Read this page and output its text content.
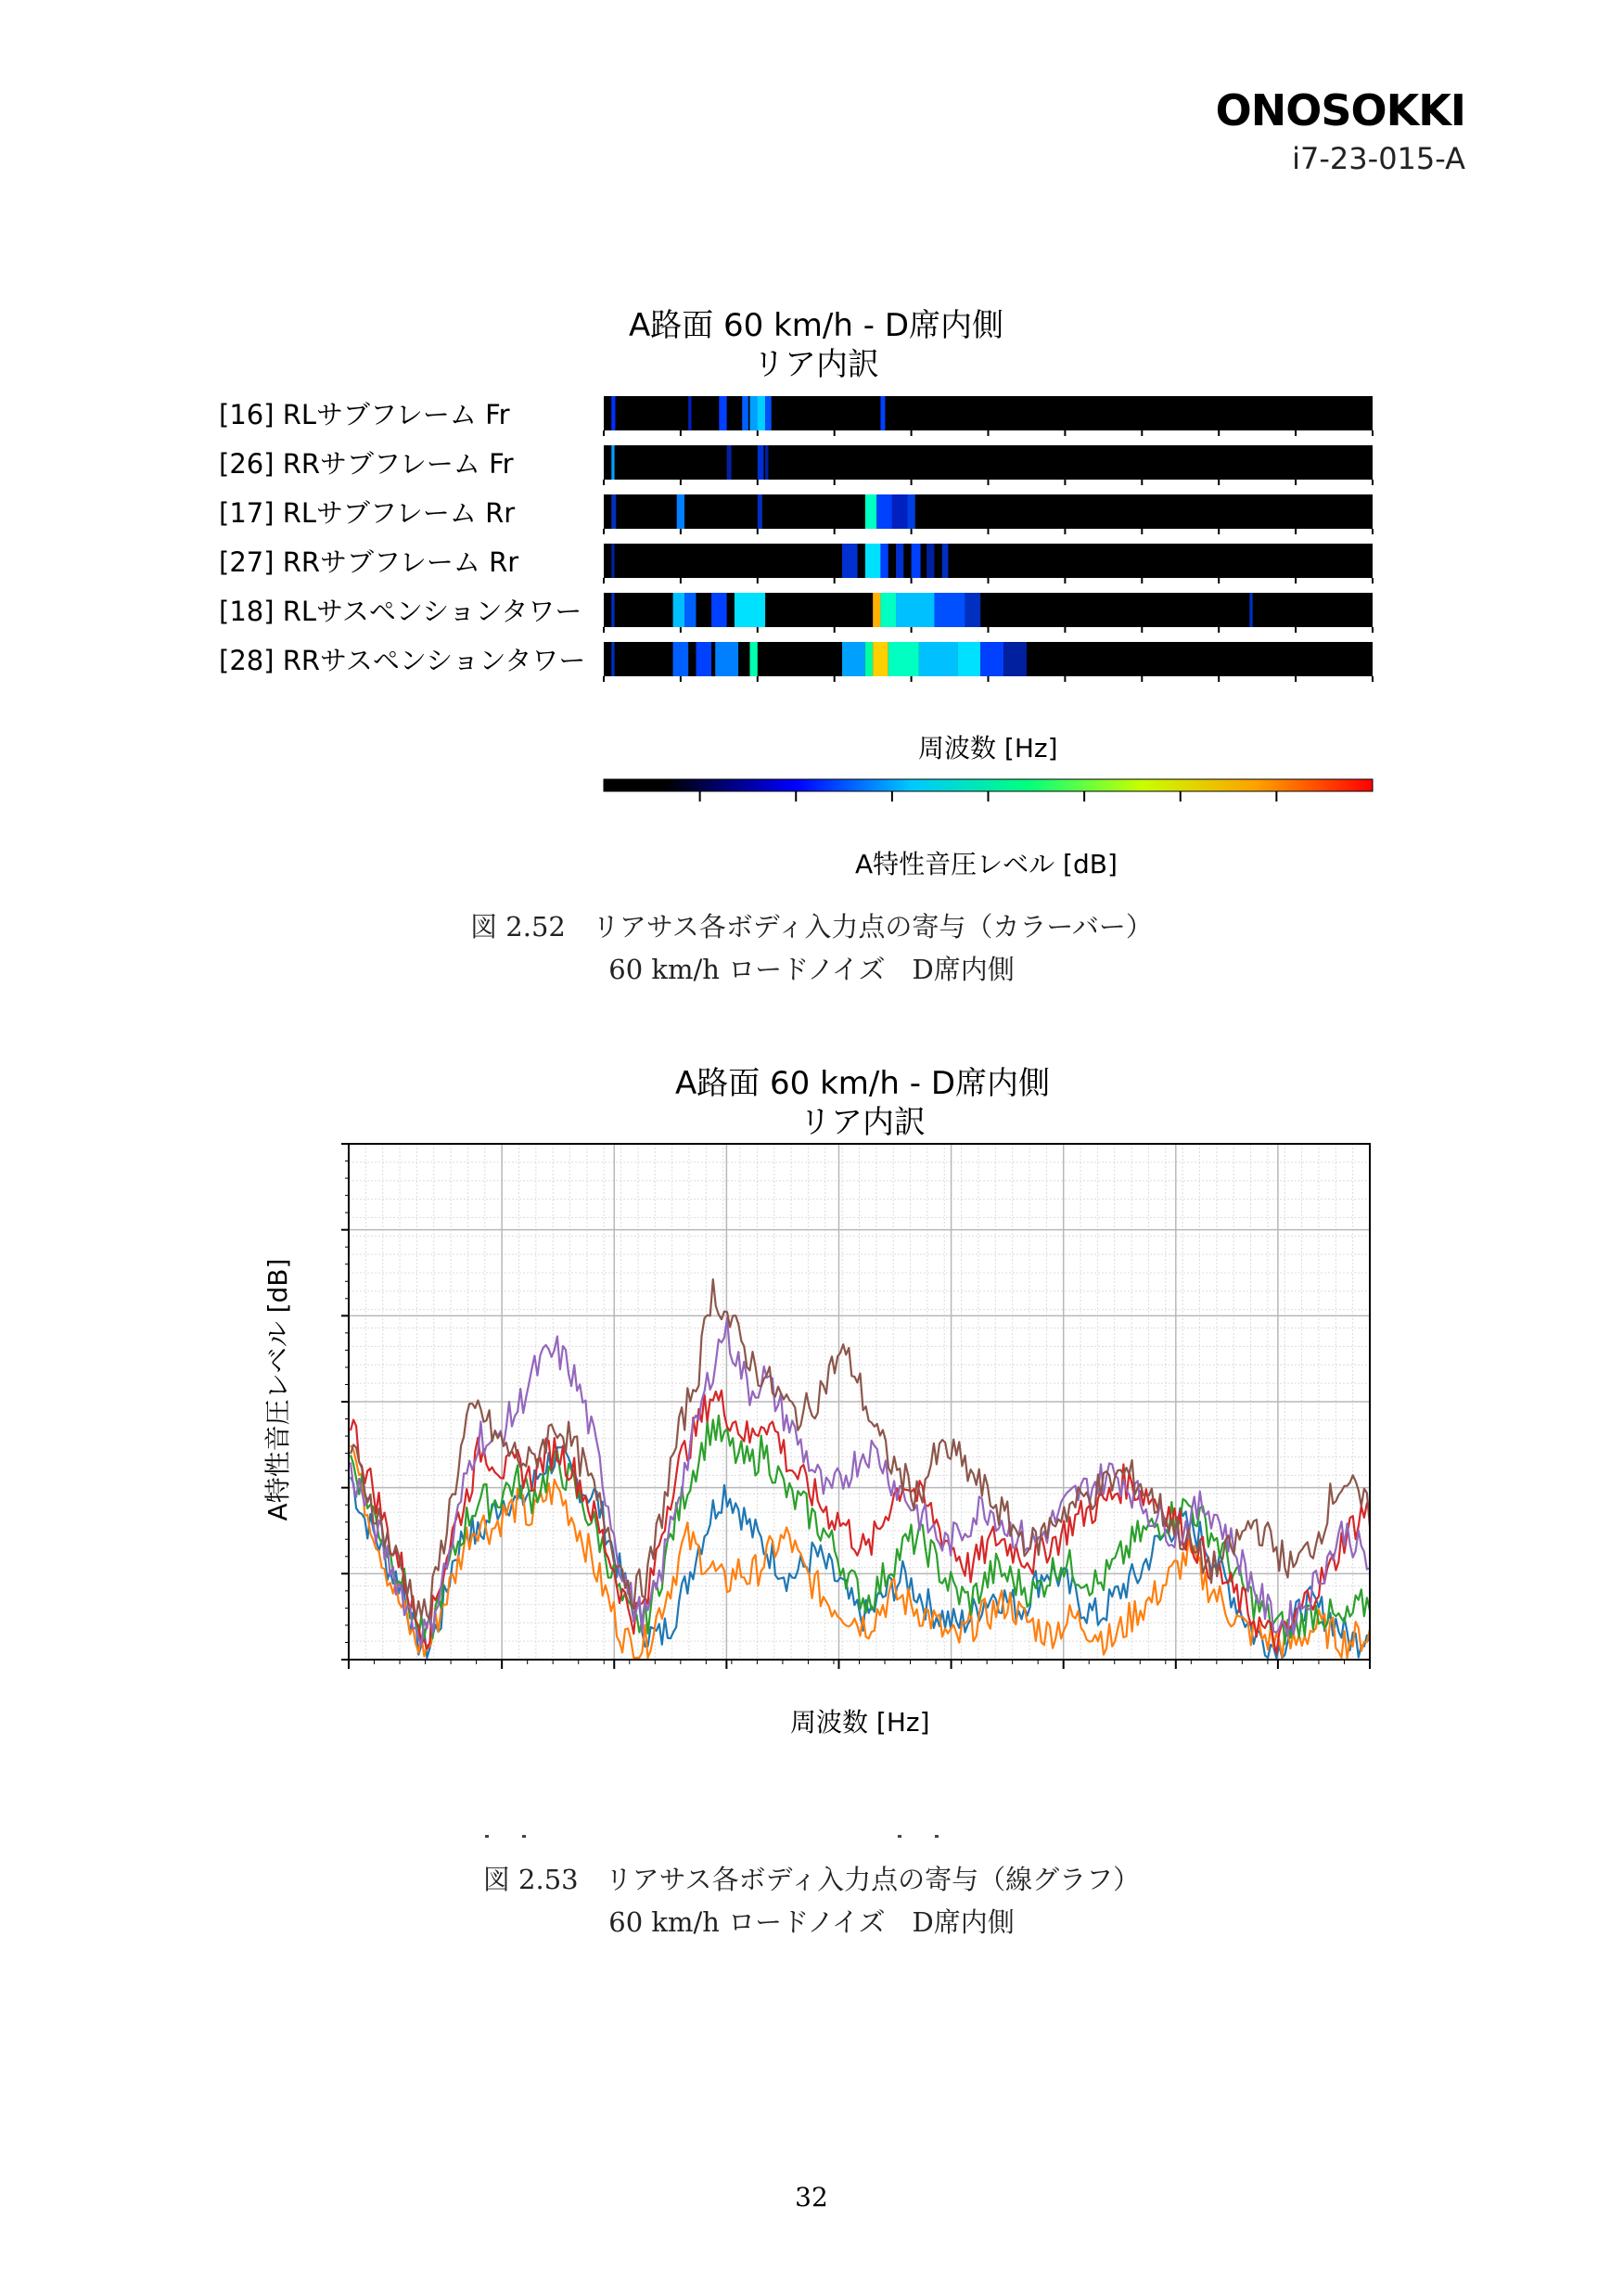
ONOSOKKI
i7-23-015-A
A路面 60 km/h - D席内側
リア内訳
[16] RLサブフレーム Fr
[26] RRサブフレーム Fr
[17] RLサブフレーム Rr
[27] RRサブフレーム Rr
[18] RLサスペンションタワー
[28] RRサスペンションタワー
周波数 [Hz]
A特性音圧レベル [dB]
図 2.52　リアサス各ボディ入力点の寄与（カラーバー）
60 km/h ロードノイズ　D席内側
A路面 60 km/h - D席内側
リア内訳
A特性音圧レベル [dB]
周波数 [Hz]
図 2.53　リアサス各ボディ入力点の寄与（線グラフ）
60 km/h ロードノイズ　D席内側
32
